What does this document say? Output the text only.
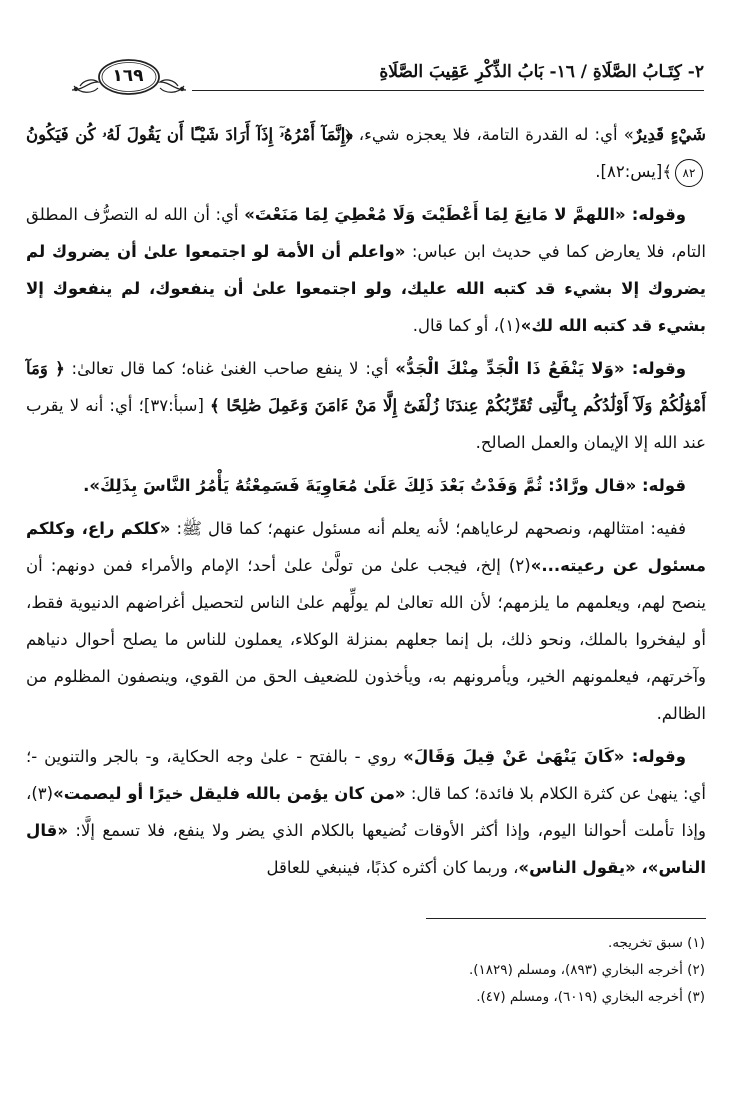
٢- كِتَـابُ الصَّلَاةِ / ١٦- بَابُ الذِّكْرِ عَقِيبَ الصَّلَاةِ
١٦٩

شَيْءٍ قَدِيرٌ» أي: له القدرة التامة، فلا يعجزه شيء، ﴿إِنَّمَآ أَمْرُهُۥٓ إِذَآ أَرَادَ شَيْـًٔا أَن يَقُولَ لَهُۥ كُن فَيَكُونُ٨٢﴾[يس:٨٢].

وقوله: «اللهمَّ لا مَانِعَ لِمَا أَعْطَيْتَ وَلَا مُعْطِيَ لِمَا مَنَعْتَ» أي: أن الله له التصرُّف المطلق التام، فلا يعارض كما في حديث ابن عباس: «واعلم أن الأمة لو اجتمعوا علىٰ أن يضروك لم يضروك إلا بشيء قد كتبه الله عليك، ولو اجتمعوا علىٰ أن ينفعوك، لم ينفعوك إلا بشيء قد كتبه الله لك»(١)، أو كما قال.

وقوله: «وَلا يَنْفَعُ ذَا الْجَدِّ مِنْكَ الْجَدُّ» أي: لا ينفع صاحب الغنىٰ غناه؛ كما قال تعالىٰ: ﴿ وَمَآ أَمْوَٰلُكُمْ وَلَآ أَوْلَٰدُكُم بِٱلَّتِى تُقَرِّبُكُمْ عِندَنَا زُلْفَىٰٓ إِلَّا مَنْ ءَامَنَ وَعَمِلَ صَٰلِحًا ﴾ [سبأ:٣٧]؛ أي: أنه لا يقرب عند الله إلا الإيمان والعمل الصالح.

قوله: «قال ورَّادٌ: ثُمَّ وَفَدْتُ بَعْدَ ذَلِكَ عَلَىٰ مُعَاوِيَةَ فَسَمِعْتُهُ يَأْمُرُ النَّاسَ بِذَلِكَ».

ففيه: امتثالهم، ونصحهم لرعاياهم؛ لأنه يعلم أنه مسئول عنهم؛ كما قال ﷺ: «كلكم راع، وكلكم مسئول عن رعيته...»(٢) إلخ، فيجب علىٰ من تولَّىٰ علىٰ أحد؛ الإمام والأمراء فمن دونهم: أن ينصح لهم، ويعلمهم ما يلزمهم؛ لأن الله تعالىٰ لم يولِّهم علىٰ الناس لتحصيل أغراضهم الدنيوية فقط، أو ليفخروا بالملك، ونحو ذلك، بل إنما جعلهم بمنزلة الوكلاء، يعملون للناس ما يصلح أحوال دنياهم وآخرتهم، فيعلمونهم الخير، ويأمرونهم به، ويأخذون للضعيف الحق من القوي، وينصفون المظلوم من الظالم.

وقوله: «كَانَ يَنْهَىٰ عَنْ قِيلَ وَقَالَ» روي - بالفتح - علىٰ وجه الحكاية، و- بالجر والتنوين -؛ أي: ينهىٰ عن كثرة الكلام بلا فائدة؛ كما قال: «من كان يؤمن بالله فليقل خيرًا أو ليصمت»(٣)، وإذا تأملت أحوالنا اليوم، وإذا أكثر الأوقات نُضيعها بالكلام الذي يضر ولا ينفع، فلا تسمع إلَّا: «قال الناس»، «يقول الناس»، وربما كان أكثره كذبًا، فينبغي للعاقل

(١) سبق تخريجه.

(٢) أخرجه البخاري (٨٩٣)، ومسلم (١٨٢٩).

(٣) أخرجه البخاري (٦٠١٩)، ومسلم (٤٧).
